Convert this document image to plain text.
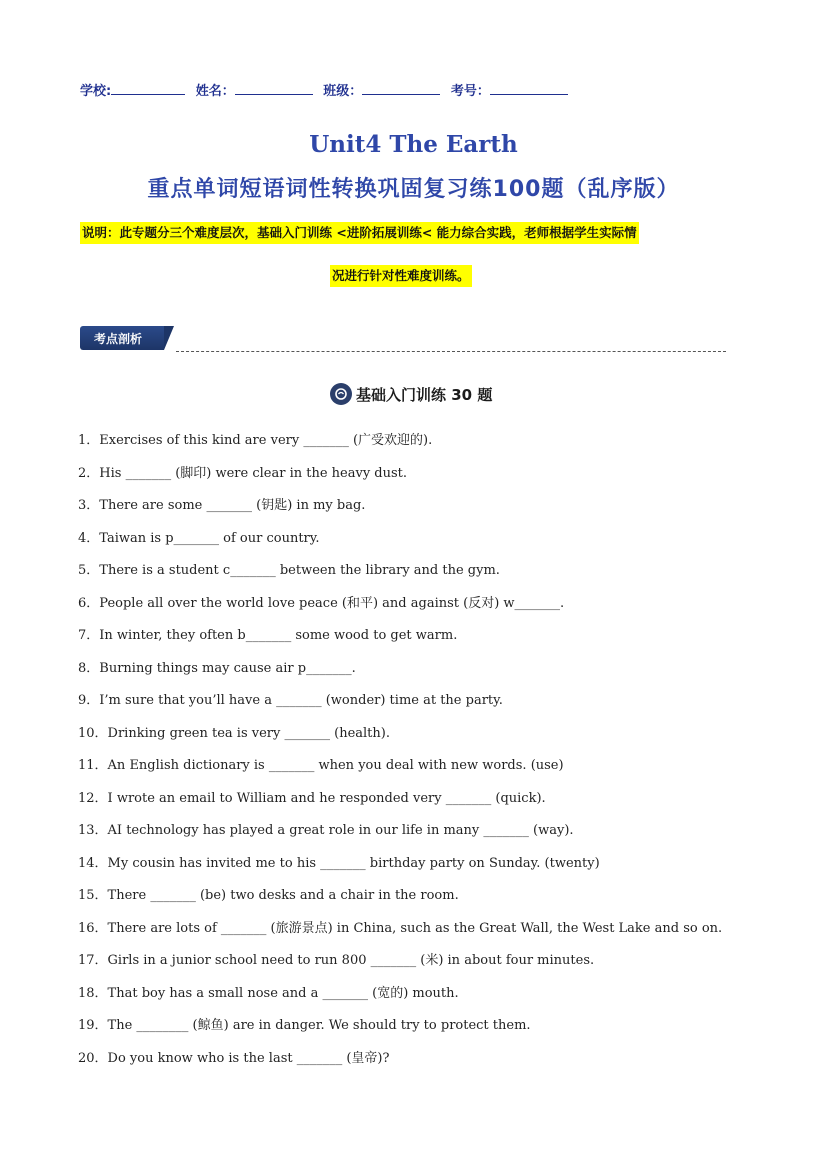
学校:	姓名：	班级：	考号：
Unit4 The Earth
重点单词短语词性转换巩固复习练100题（乱序版）
说明：此专题分三个难度层次，基础入门训练 <进阶拓展训练< 能力综合实践，老师根据学生实际情
况进行针对性难度训练。
考点剖析
基础入门训练 30 题
1．Exercises of this kind are very _______ (广受欢迎的).
2．His _______ (脚印) were clear in the heavy dust.
3．There are some _______ (钥匙) in my bag.
4．Taiwan is p_______ of our country.
5．There is a student c_______ between the library and the gym.
6．People all over the world love peace (和平) and against (反对) w_______.
7．In winter, they often b_______ some wood to get warm.
8．Burning things may cause air p_______.
9．I’m sure that you’ll have a _______ (wonder) time at the party.
10．Drinking green tea is very _______ (health).
11．An English dictionary is _______ when you deal with new words. (use)
12．I wrote an email to William and he responded very _______ (quick).
13．AI technology has played a great role in our life in many _______ (way).
14．My cousin has invited me to his _______ birthday party on Sunday. (twenty)
15．There _______ (be) two desks and a chair in the room.
16．There are lots of _______ (旅游景点) in China, such as the Great Wall, the West Lake and so on.
17．Girls in a junior school need to run 800 _______ (米) in about four minutes.
18．That boy has a small nose and a _______ (宽的) mouth.
19．The ________ (鲸鱼) are in danger. We should try to protect them.
20．Do you know who is the last _______ (皇帝)?
